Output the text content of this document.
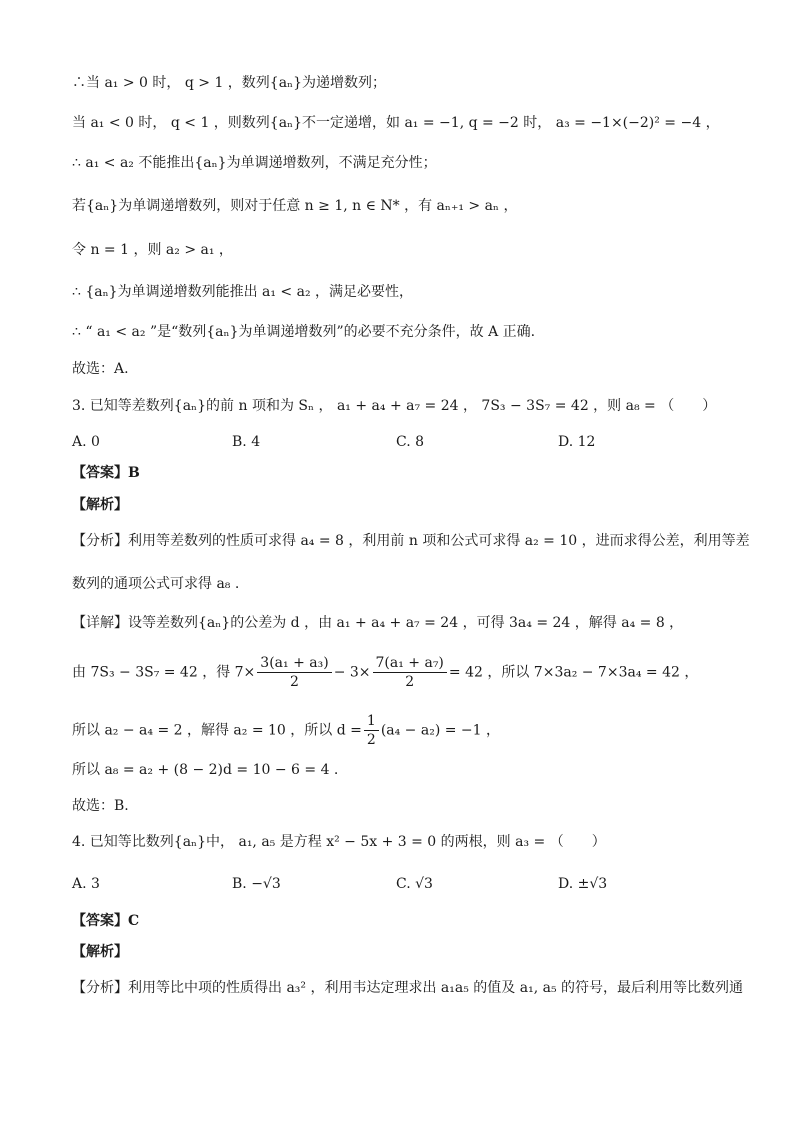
∴当 a₁ > 0 时， q > 1 ，数列{aₙ}为递增数列；
当 a₁ < 0 时， q < 1 ，则数列{aₙ}不一定递增，如 a₁ = −1, q = −2 时， a₃ = −1×(−2)² = −4 ，
∴ a₁ < a₂ 不能推出{aₙ}为单调递增数列，不满足充分性；
若{aₙ}为单调递增数列，则对于任意 n ≥ 1, n ∈ N* ，有 aₙ₊₁ > aₙ ，
令 n = 1 ，则 a₂ > a₁ ，
∴ {aₙ}为单调递增数列能推出 a₁ < a₂ ，满足必要性，
∴ “ a₁ < a₂ ”是“数列{aₙ}为单调递增数列”的必要不充分条件，故 A 正确.
故选：A.
3. 已知等差数列{aₙ}的前 n 项和为 Sₙ ， a₁ + a₄ + a₇ = 24 ， 7S₃ − 3S₇ = 42 ，则 a₈ = （　　）
A. 0	B. 4	C. 8	D. 12
【答案】B
【解析】
【分析】利用等差数列的性质可求得 a₄ = 8 ，利用前 n 项和公式可求得 a₂ = 10 ，进而求得公差，利用等差
数列的通项公式可求得 a₈ .
【详解】设等差数列{aₙ}的公差为 d ，由 a₁ + a₄ + a₇ = 24 ，可得 3a₄ = 24 ，解得 a₄ = 8 ，
由 7S₃ − 3S₇ = 42 ，得 $7\times \frac{\text{3(a₁ + a₃)}}{2} - 3\times \frac{\text{7(a₁ + a₇)}}{2} = 42$ ，所以 7×3a₂ − 7×3a₄ = 42 ，
所以 a₂ − a₄ = 2 ，解得 a₂ = 10 ，所以 $d = \frac{1}{2} (a_4 - a_2) = -1$ ，
所以 a₈ = a₂ + (8 − 2)d = 10 − 6 = 4 .
故选：B.
4. 已知等比数列{aₙ}中， a₁, a₅ 是方程 x² − 5x + 3 = 0 的两根，则 a₃ = （　　）
A. 3	B. −√3	C. √3	D. ±√3
【答案】C
【解析】
【分析】利用等比中项的性质得出 a₃² ，利用韦达定理求出 a₁a₅ 的值及 a₁, a₅ 的符号，最后利用等比数列通
